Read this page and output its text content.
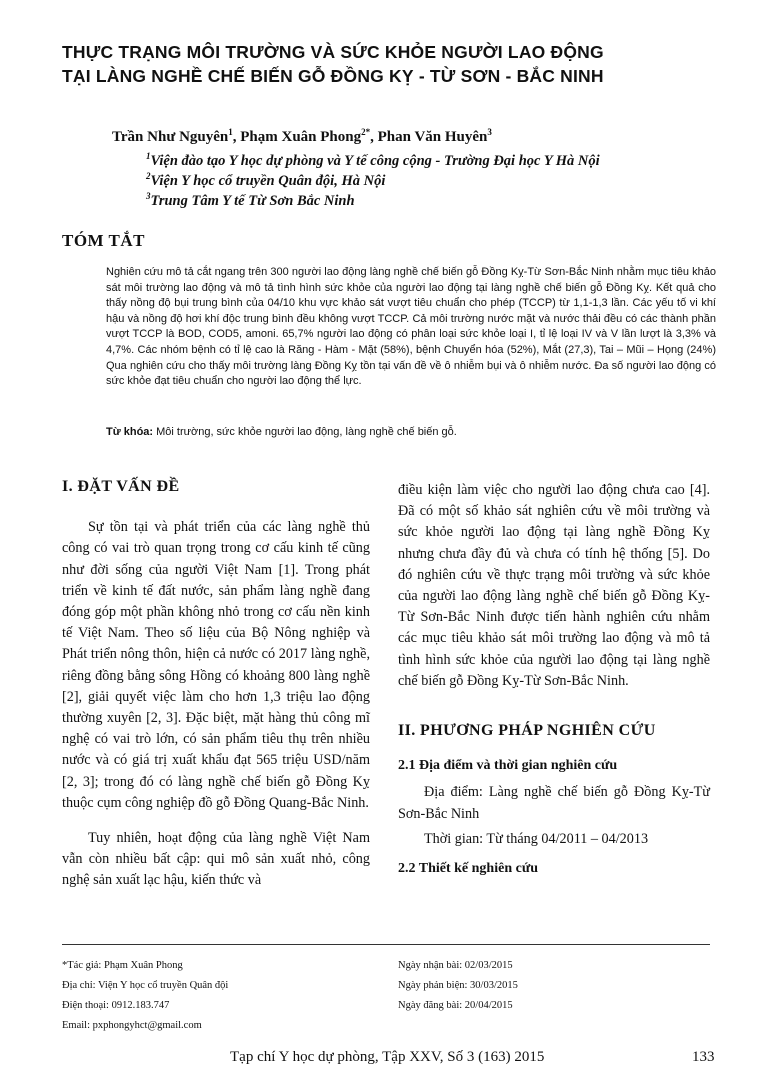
THỰC TRẠNG MÔI TRƯỜNG VÀ SỨC KHỎE NGƯỜI LAO ĐỘNG
TẠI LÀNG NGHỀ CHẾ BIẾN GỖ ĐỒNG KỴ - TỪ SƠN - BẮC NINH

Trần Như Nguyên$^1$, Phạm Xuân Phong$^{2*}$, Phan Văn Huyên$^3$

$^1$Viện đào tạo Y học dự phòng và Y tế công cộng - Trường Đại học Y Hà Nội

$^2$Viện Y học cổ truyền Quân đội, Hà Nội

$^3$Trung Tâm Y tế Từ Sơn Bắc Ninh

TÓM TẮT

Nghiên cứu mô tả cắt ngang trên 300 người lao động làng nghề chế biến gỗ Đồng Kỵ-Từ Sơn-Bắc Ninh nhằm mục tiêu khảo sát môi trường lao động và mô tả tình hình sức khỏe của người lao động tại làng nghề chế biến gỗ Đồng Kỵ. Kết quả cho thấy nồng độ bụi trung bình của 04/10 khu vực khảo sát vượt tiêu chuẩn cho phép (TCCP) từ 1,1-1,3 lần. Các yếu tố vi khí hậu và nồng độ hơi khí độc trung bình đều không vượt TCCP. Cả môi trường nước mặt và nước thải đều có các thành phần vượt TCCP là BOD, COD5, amoni. 65,7% người lao động có phân loại sức khỏe loại I, tỉ lệ loại IV và V lần lượt là 3,3% và 4,7%. Các nhóm bệnh có tỉ lệ cao là Răng - Hàm - Mặt (58%), bệnh Chuyển hóa (52%), Mắt (27,3), Tai – Mũi – Họng (24%) Qua nghiên cứu cho thấy môi trường làng Đồng Kỵ tồn tại vấn đề về ô nhiễm bụi và ô nhiễm nước. Đa số người lao động có sức khỏe đạt tiêu chuẩn cho người lao động thể lực.

Từ khóa: Môi trường, sức khỏe người lao động, làng nghề chế biến gỗ.

I. ĐẶT VẤN ĐỀ

Sự tồn tại và phát triển của các làng nghề thủ công có vai trò quan trọng trong cơ cấu kinh tế cũng như đời sống của người Việt Nam [1]. Trong phát triển về kinh tế đất nước, sản phẩm làng nghề đang đóng góp một phần không nhỏ trong cơ cấu nền kinh tế Việt Nam. Theo số liệu của Bộ Nông nghiệp và Phát triển nông thôn, hiện cả nước có 2017 làng nghề, riêng đồng bằng sông Hồng có khoảng 800 làng nghề [2], giải quyết việc làm cho hơn 1,3 triệu lao động thường xuyên [2, 3]. Đặc biệt, mặt hàng thủ công mĩ nghệ có vai trò lớn, có sản phẩm tiêu thụ trên nhiều nước và có giá trị xuất khẩu đạt 565 triệu USD/năm [2, 3]; trong đó có làng nghề chế biến gỗ Đồng Kỵ thuộc cụm công nghiệp đồ gỗ Đồng Quang-Bắc Ninh.

Tuy nhiên, hoạt động của làng nghề Việt Nam vẫn còn nhiều bất cập: qui mô sản xuất nhỏ, công nghệ sản xuất lạc hậu, kiến thức và

điều kiện làm việc cho người lao động chưa cao [4]. Đã có một số khảo sát nghiên cứu về môi trường và sức khỏe người lao động tại làng nghề Đồng Kỵ nhưng chưa đầy đủ và chưa có tính hệ thống [5]. Do đó nghiên cứu về thực trạng môi trường và sức khỏe của người lao động làng nghề chế biến gỗ Đồng Kỵ-Từ Sơn-Bắc Ninh được tiến hành nghiên cứu nhằm các mục tiêu khảo sát môi trường lao động và mô tả tình hình sức khỏe của người lao động tại làng nghề chế biến gỗ Đồng Kỵ-Từ Sơn-Bắc Ninh.

II. PHƯƠNG PHÁP NGHIÊN CỨU

2.1 Địa điểm và thời gian nghiên cứu

Địa điểm: Làng nghề chế biến gỗ Đồng Kỵ-Từ Sơn-Bắc Ninh

Thời gian: Từ tháng 04/2011 – 04/2013

2.2 Thiết kế nghiên cứu

*Tác giả: Phạm Xuân Phong

Địa chỉ: Viện Y học cổ truyền Quân đội

Điện thoại: 0912.183.747

Email: pxphongyhct@gmail.com

Ngày nhận bài: 02/03/2015

Ngày phản biện: 30/03/2015

Ngày đăng bài: 20/04/2015

Tạp chí Y học dự phòng, Tập XXV, Số 3 (163) 2015	133
